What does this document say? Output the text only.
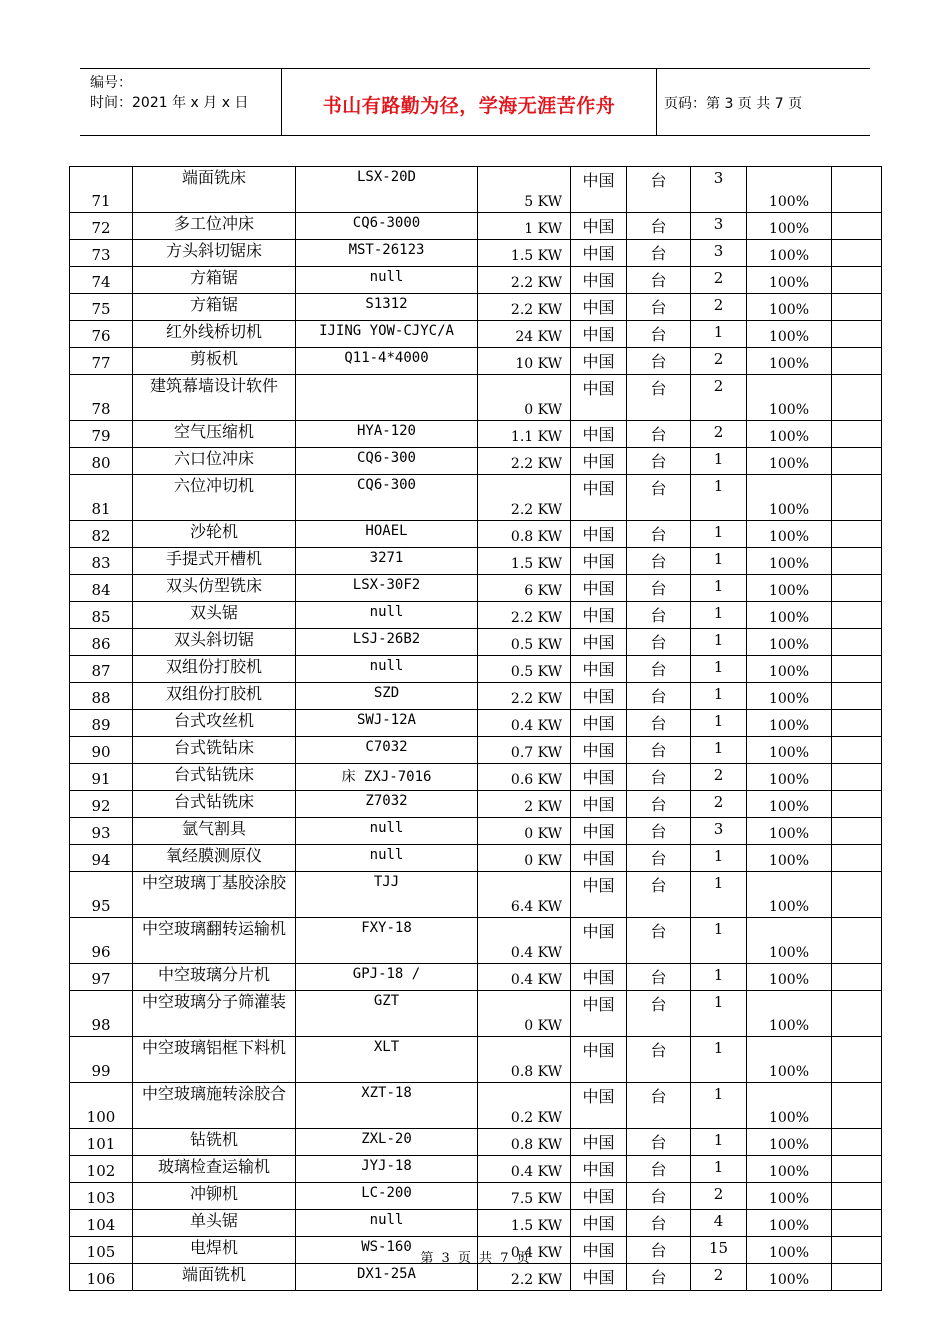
编号：
时间：2021 年 x 月 x 日	书山有路勤为径，学海无涯苦作舟	页码：第 3 页 共 7 页
71	端面铣床	LSX-20D	5 KW	中国	台	3	100%	
72	多工位冲床	CQ6-3000	1 KW	中国	台	3	100%	
73	方头斜切锯床	MST-26123	1.5 KW	中国	台	3	100%	
74	方箱锯	null	2.2 KW	中国	台	2	100%	
75	方箱锯	S1312	2.2 KW	中国	台	2	100%	
76	红外线桥切机	IJING YOW-CJYC/A	24 KW	中国	台	1	100%	
77	剪板机	Q11-4*4000	10 KW	中国	台	2	100%	
78	建筑幕墙设计软件		0 KW	中国	台	2	100%	
79	空气压缩机	HYA-120	1.1 KW	中国	台	2	100%	
80	六口位冲床	CQ6-300	2.2 KW	中国	台	1	100%	
81	六位冲切机	CQ6-300	2.2 KW	中国	台	1	100%	
82	沙轮机	HOAEL	0.8 KW	中国	台	1	100%	
83	手提式开槽机	3271	1.5 KW	中国	台	1	100%	
84	双头仿型铣床	LSX-30F2	6 KW	中国	台	1	100%	
85	双头锯	null	2.2 KW	中国	台	1	100%	
86	双头斜切锯	LSJ-26B2	0.5 KW	中国	台	1	100%	
87	双组份打胶机	null	0.5 KW	中国	台	1	100%	
88	双组份打胶机	SZD	2.2 KW	中国	台	1	100%	
89	台式攻丝机	SWJ-12A	0.4 KW	中国	台	1	100%	
90	台式铣钻床	C7032	0.7 KW	中国	台	1	100%	
91	台式钻铣床	床 ZXJ-7016	0.6 KW	中国	台	2	100%	
92	台式钻铣床	Z7032	2 KW	中国	台	2	100%	
93	氩气割具	null	0 KW	中国	台	3	100%	
94	氧经膜测原仪	null	0 KW	中国	台	1	100%	
95	中空玻璃丁基胶涂胶	TJJ	6.4 KW	中国	台	1	100%	
96	中空玻璃翻转运输机	FXY-18	0.4 KW	中国	台	1	100%	
97	中空玻璃分片机	GPJ-18 /	0.4 KW	中国	台	1	100%	
98	中空玻璃分子筛灌装	GZT	0 KW	中国	台	1	100%	
99	中空玻璃铝框下料机	XLT	0.8 KW	中国	台	1	100%	
100	中空玻璃施转涂胶合	XZT-18	0.2 KW	中国	台	1	100%	
101	钻铣机	ZXL-20	0.8 KW	中国	台	1	100%	
102	玻璃检查运输机	JYJ-18	0.4 KW	中国	台	1	100%	
103	冲铆机	LC-200	7.5 KW	中国	台	2	100%	
104	单头锯	null	1.5 KW	中国	台	4	100%	
105	电焊机	WS-160	0.4 KW	中国	台	15	100%	
106	端面铣机	DX1-25A	2.2 KW	中国	台	2	100%	
第 3 页 共 7 页
